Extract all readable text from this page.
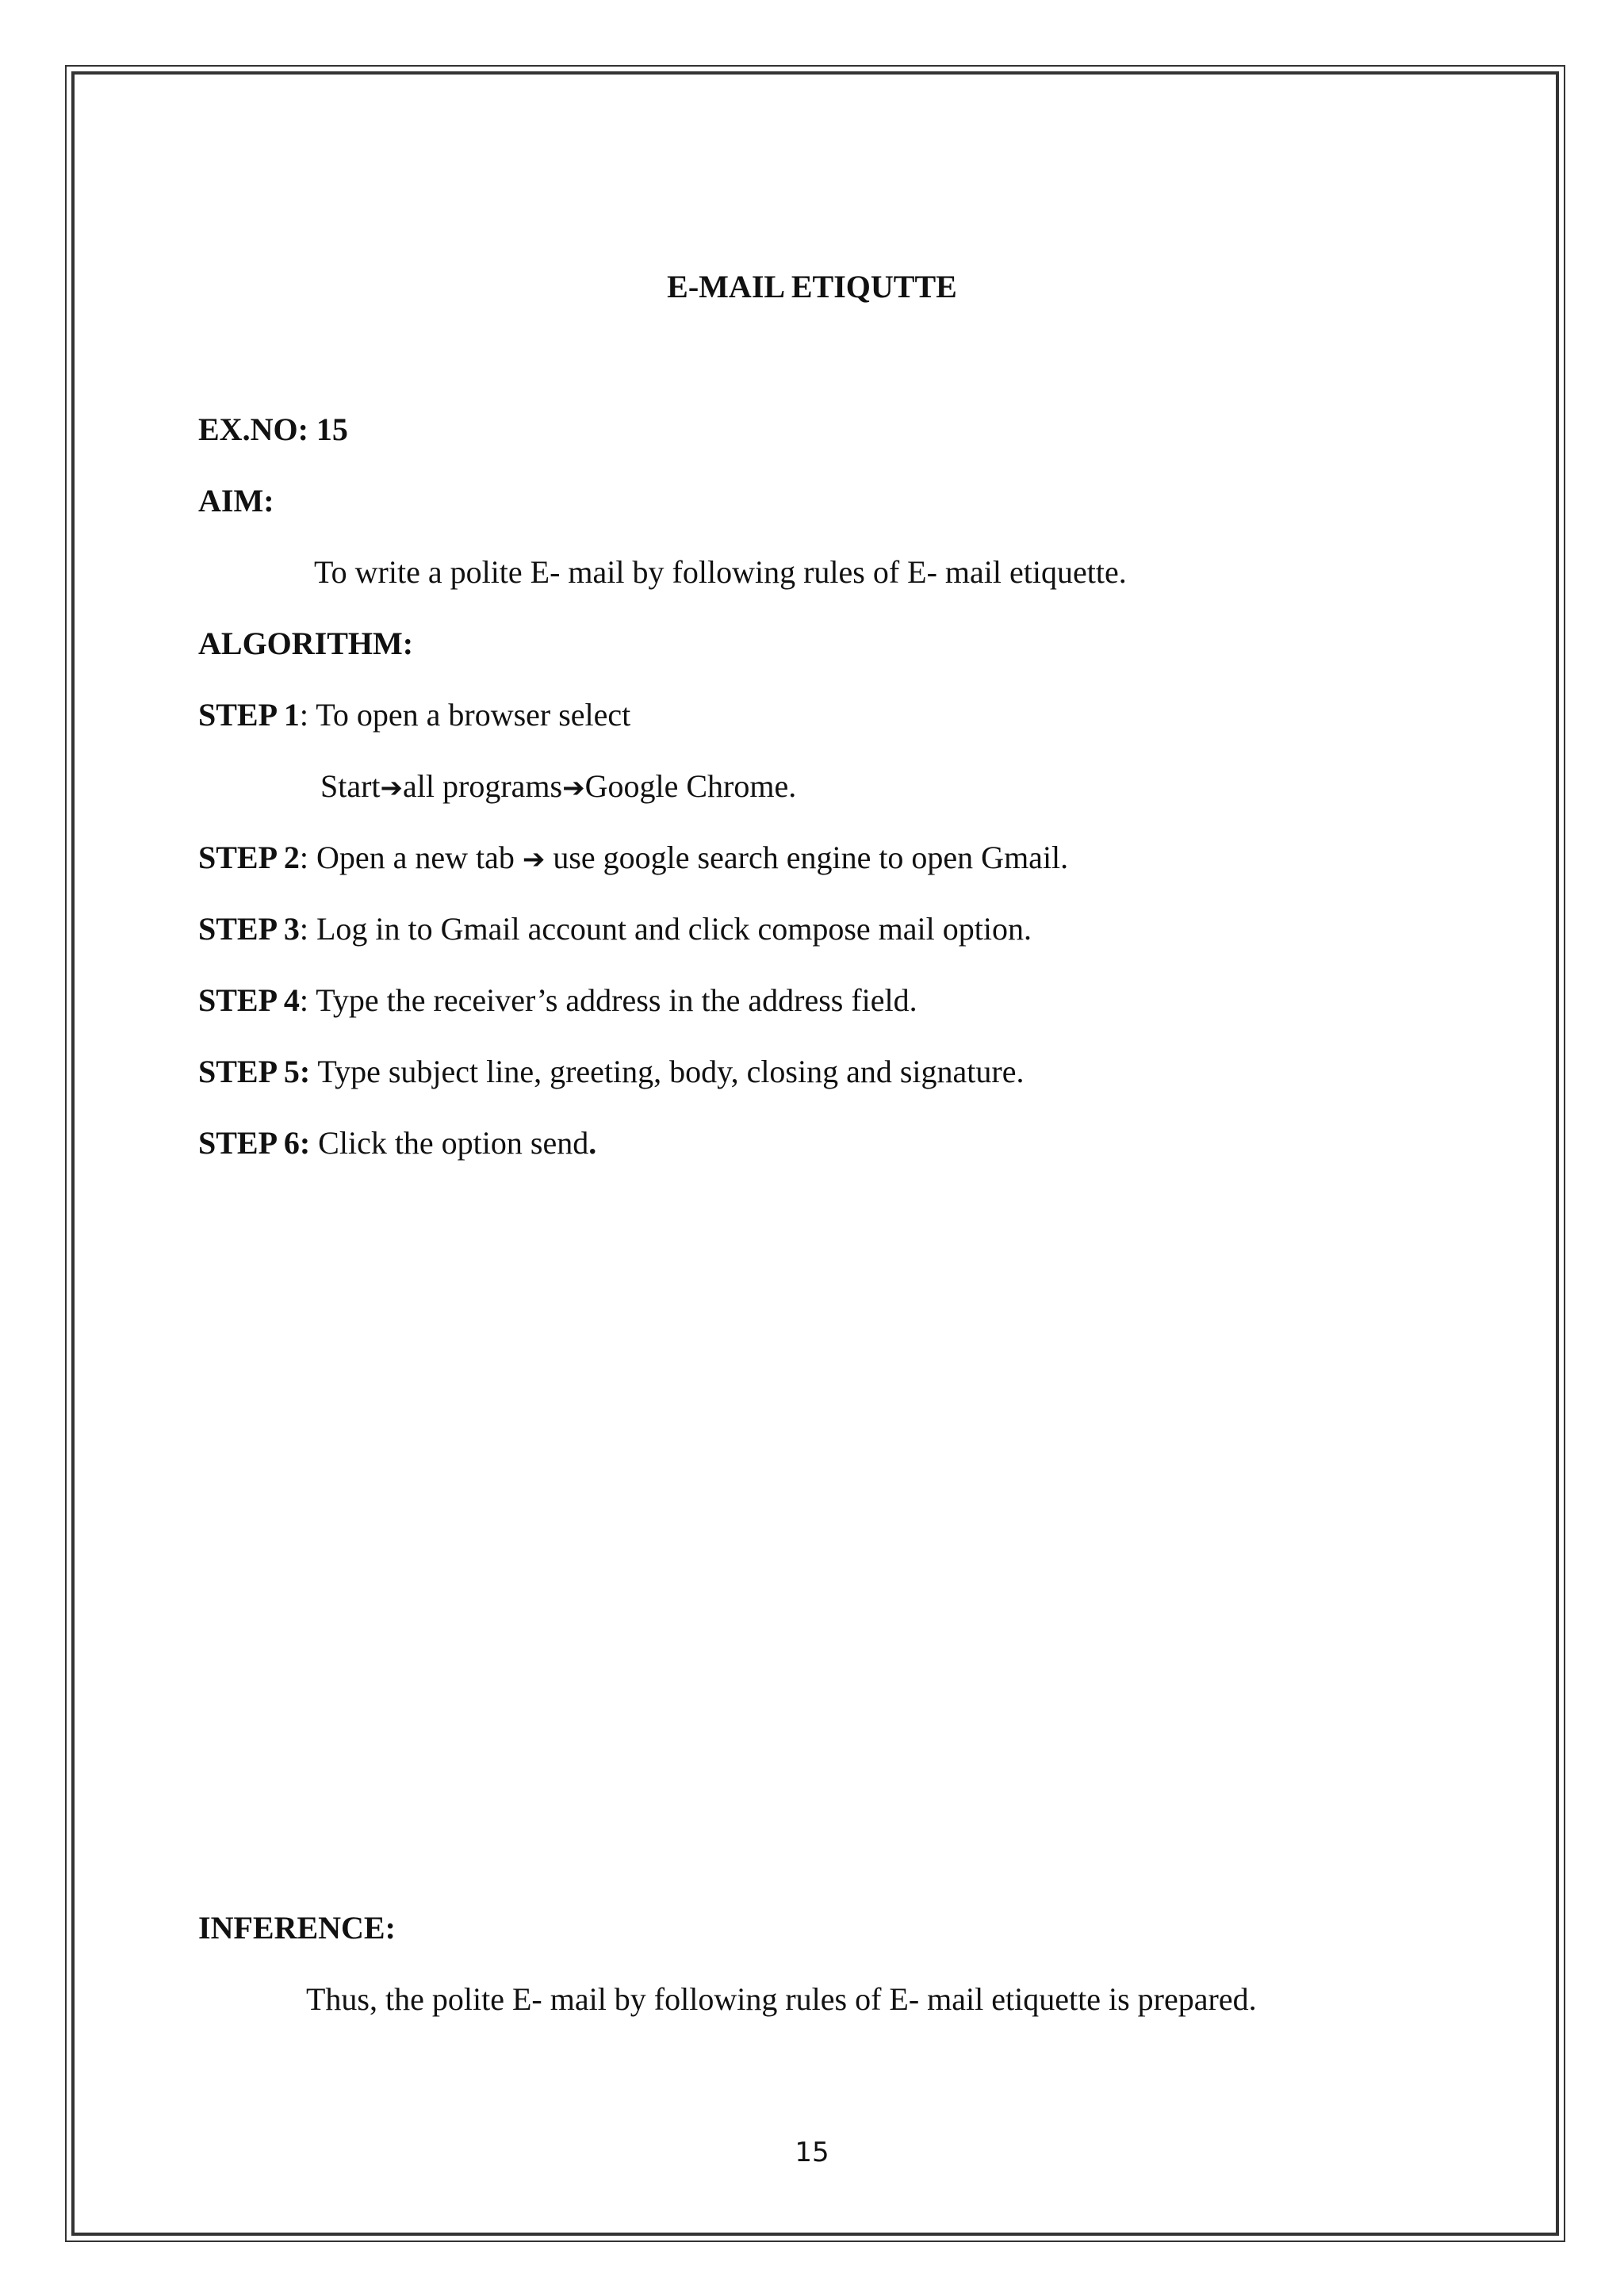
E-MAIL ETIQUTTE
EX.NO: 15
AIM:
To write a polite E- mail by following rules of E- mail etiquette.
ALGORITHM:
STEP 1: To open a browser select
Start➔all programs➔Google Chrome.
STEP 2: Open a new tab ➔ use google search engine to open Gmail.
STEP 3: Log in to Gmail account and click compose mail option.
STEP 4: Type the receiver’s address in the address field.
STEP 5: Type subject line, greeting, body, closing and signature.
STEP 6: Click the option send.
INFERENCE:
Thus, the polite E- mail by following rules of E- mail etiquette is prepared.
15
